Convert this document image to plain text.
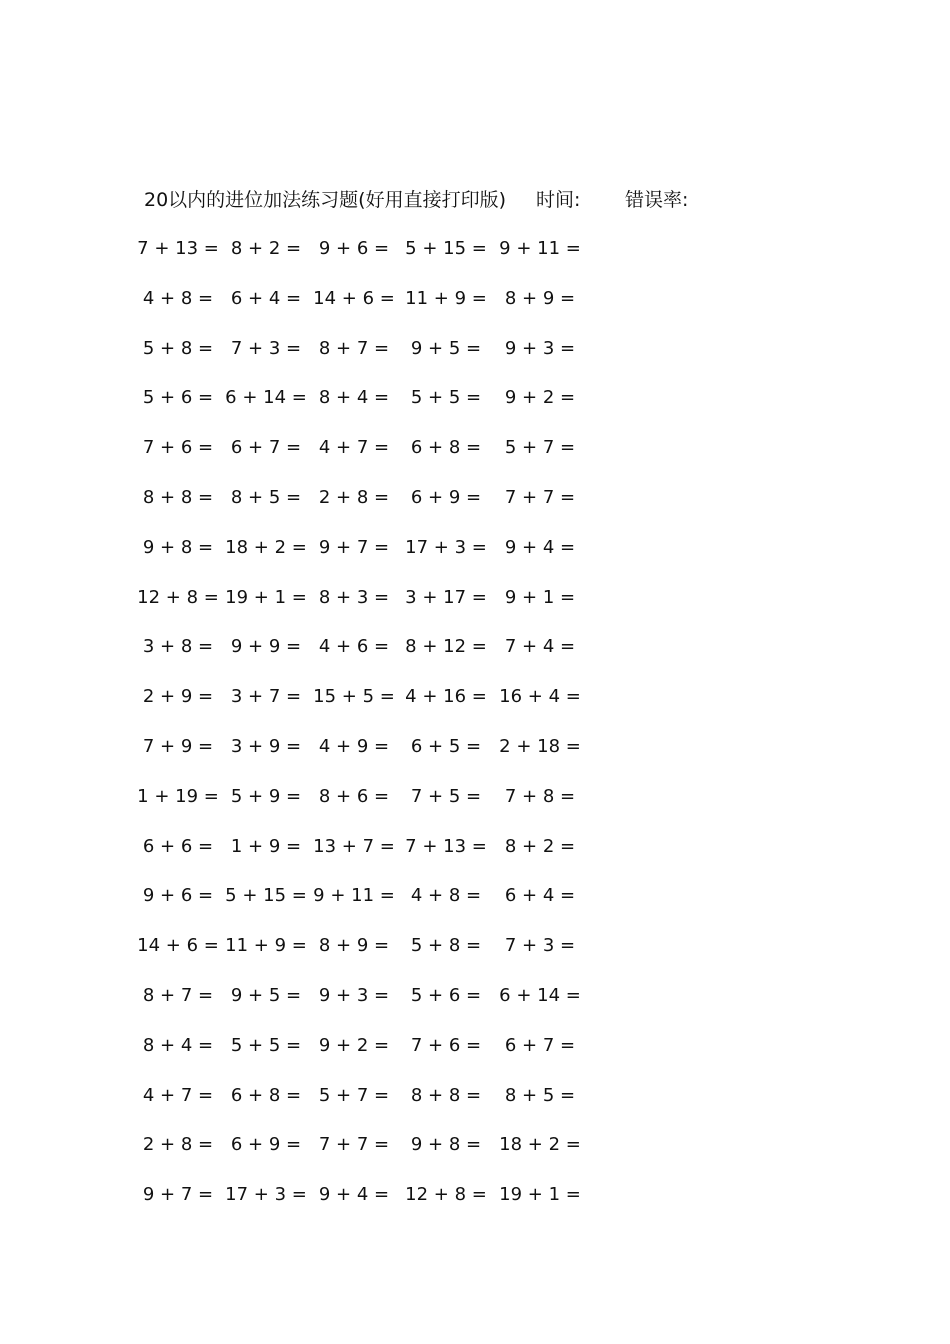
20以内的进位加法练习题(好用直接打印版) 时间: 错误率:
7 + 13 = 8 + 2 = 9 + 6 = 5 + 15 = 9 + 11 =
4 + 8 = 6 + 4 = 14 + 6 = 11 + 9 =	8 + 9 =
5 + 8 = 7 + 3 = 8 + 7 =	9 + 5 =	9 + 3 =
5 + 6 = 6 + 14 = 8 + 4 =	5 + 5 =	9 + 2 =
7 + 6 = 6 + 7 = 4 + 7 =	6 + 8 =	5 + 7 =
8 + 8 = 8 + 5 = 2 + 8 =	6 + 9 =	7 + 7 =
9 + 8 = 18 + 2 = 9 + 7 = 17 + 3 =	9 + 4 =
12 + 8 = 19 + 1 = 8 + 3 = 3 + 17 =	9 + 1 =
3 + 8 = 9 + 9 = 4 + 6 = 8 + 12 =	7 + 4 =
2 + 9 = 3 + 7 = 15 + 5 = 4 + 16 = 16 + 4 =
7 + 9 = 3 + 9 = 4 + 9 =	6 + 5 =	2 + 18 =
1 + 19 = 5 + 9 = 8 + 6 =	7 + 5 =	7 + 8 =
6 + 6 = 1 + 9 = 13 + 7 = 7 + 13 =	8 + 2 =
9 + 6 = 5 + 15 = 9 + 11 = 4 + 8 =	6 + 4 =
14 + 6 = 11 + 9 = 8 + 9 =	5 + 8 =	7 + 3 =
8 + 7 = 9 + 5 = 9 + 3 =	5 + 6 =	6 + 14 =
8 + 4 = 5 + 5 = 9 + 2 =	7 + 6 =	6 + 7 =
4 + 7 = 6 + 8 = 5 + 7 =	8 + 8 =	8 + 5 =
2 + 8 = 6 + 9 = 7 + 7 =	9 + 8 =	18 + 2 =
9 + 7 = 17 + 3 = 9 + 4 = 12 + 8 = 19 + 1 =
